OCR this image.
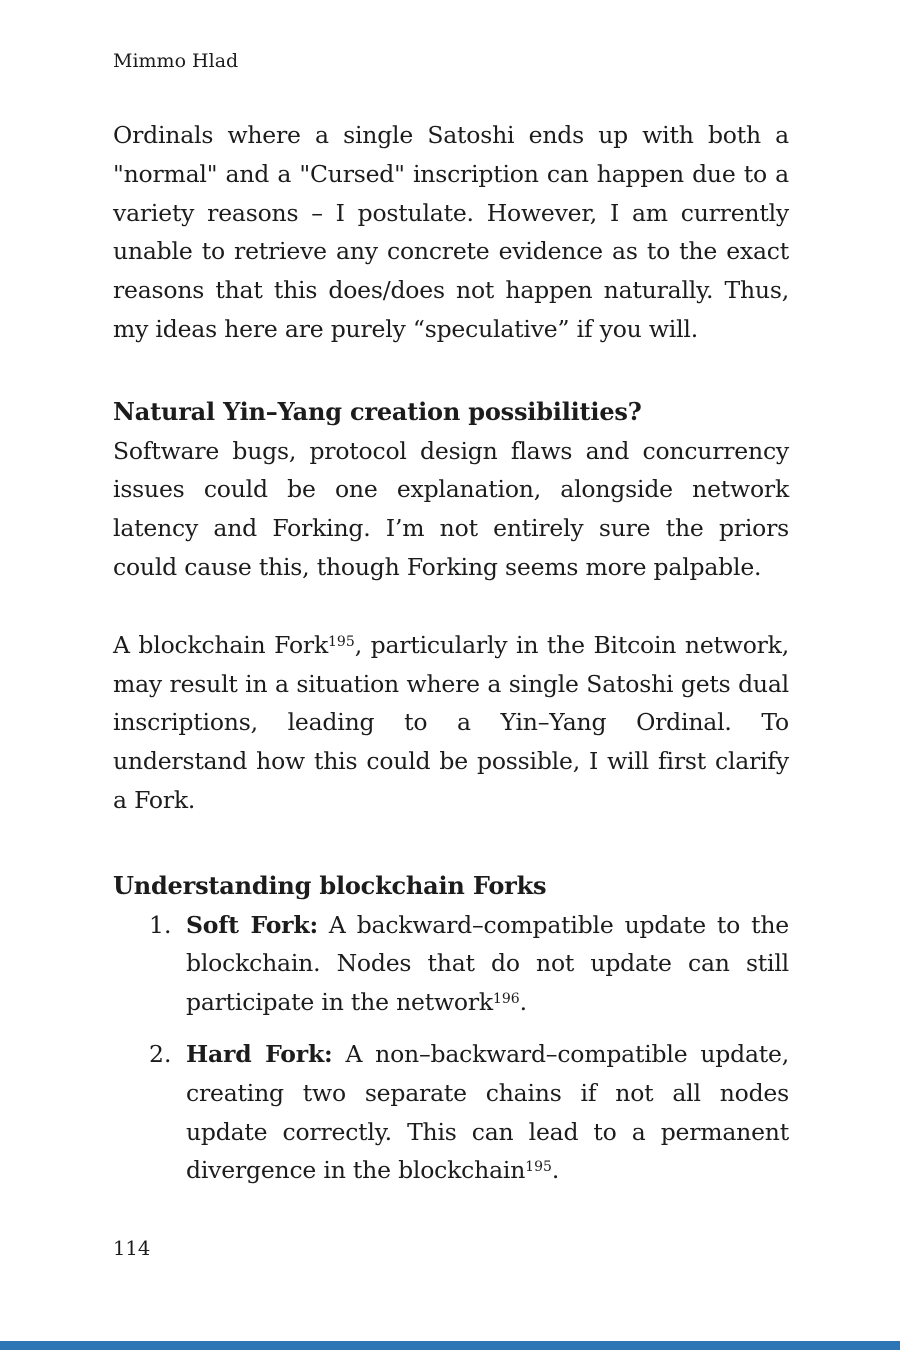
Mimmo Hlad

Ordinals where a single Satoshi ends up with both a "normal" and a "Cursed" inscription can happen due to a variety reasons – I postulate. However, I am currently unable to retrieve any concrete evidence as to the exact reasons that this does/does not happen naturally. Thus, my ideas here are purely “speculative” if you will.

Natural Yin–Yang creation possibilities?

Software bugs, protocol design flaws and concurrency issues could be one explanation, alongside network latency and Forking. I’m not entirely sure the priors could cause this, though Forking seems more palpable.

A blockchain Fork$^{195}$, particularly in the Bitcoin network, may result in a situation where a single Satoshi gets dual inscriptions, leading to a Yin–Yang Ordinal. To understand how this could be possible, I will first clarify a Fork.

Understanding blockchain Forks
1. Soft Fork: A backward–compatible update to the blockchain. Nodes that do not update can still participate in the network$^{196}$.
2. Hard Fork: A non–backward–compatible update, creating two separate chains if not all nodes update correctly. This can lead to a permanent divergence in the blockchain$^{195}$.
114
